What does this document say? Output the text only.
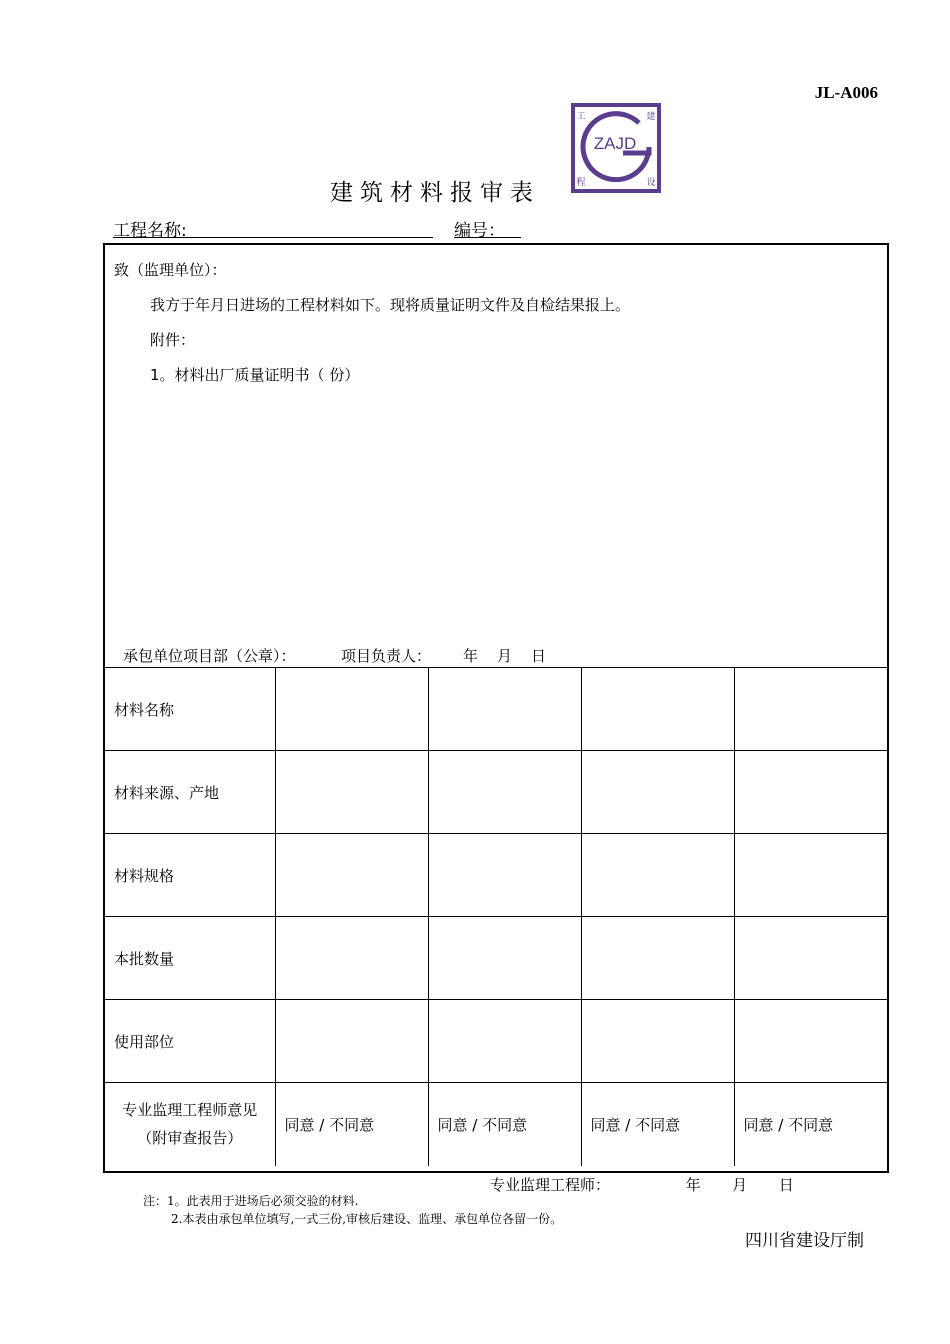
JL-A006
ZAJD
工	建
程	设
建筑材料报审表
工程名称:	编号：
致（监理单位）：
我方于年月日进场的工程材料如下。现将质量证明文件及自检结果报上。
附件：
1。材料出厂质量证明书（ 份）
承包单位项目部（公章）：	项目负责人： 年 月 日
材料名称				
材料来源、产地				
材料规格				
本批数量				
使用部位				

专业监理工程师意见
（附审查报告）	同意 / 不同意	同意 / 不同意	同意 / 不同意	同意 / 不同意
专业监理工程师：	年 月 日
注：1。此表用于进场后必须交验的材料.
2.本表由承包单位填写,一式三份,审核后建设、监理、承包单位各留一份。
四川省建设厅制
